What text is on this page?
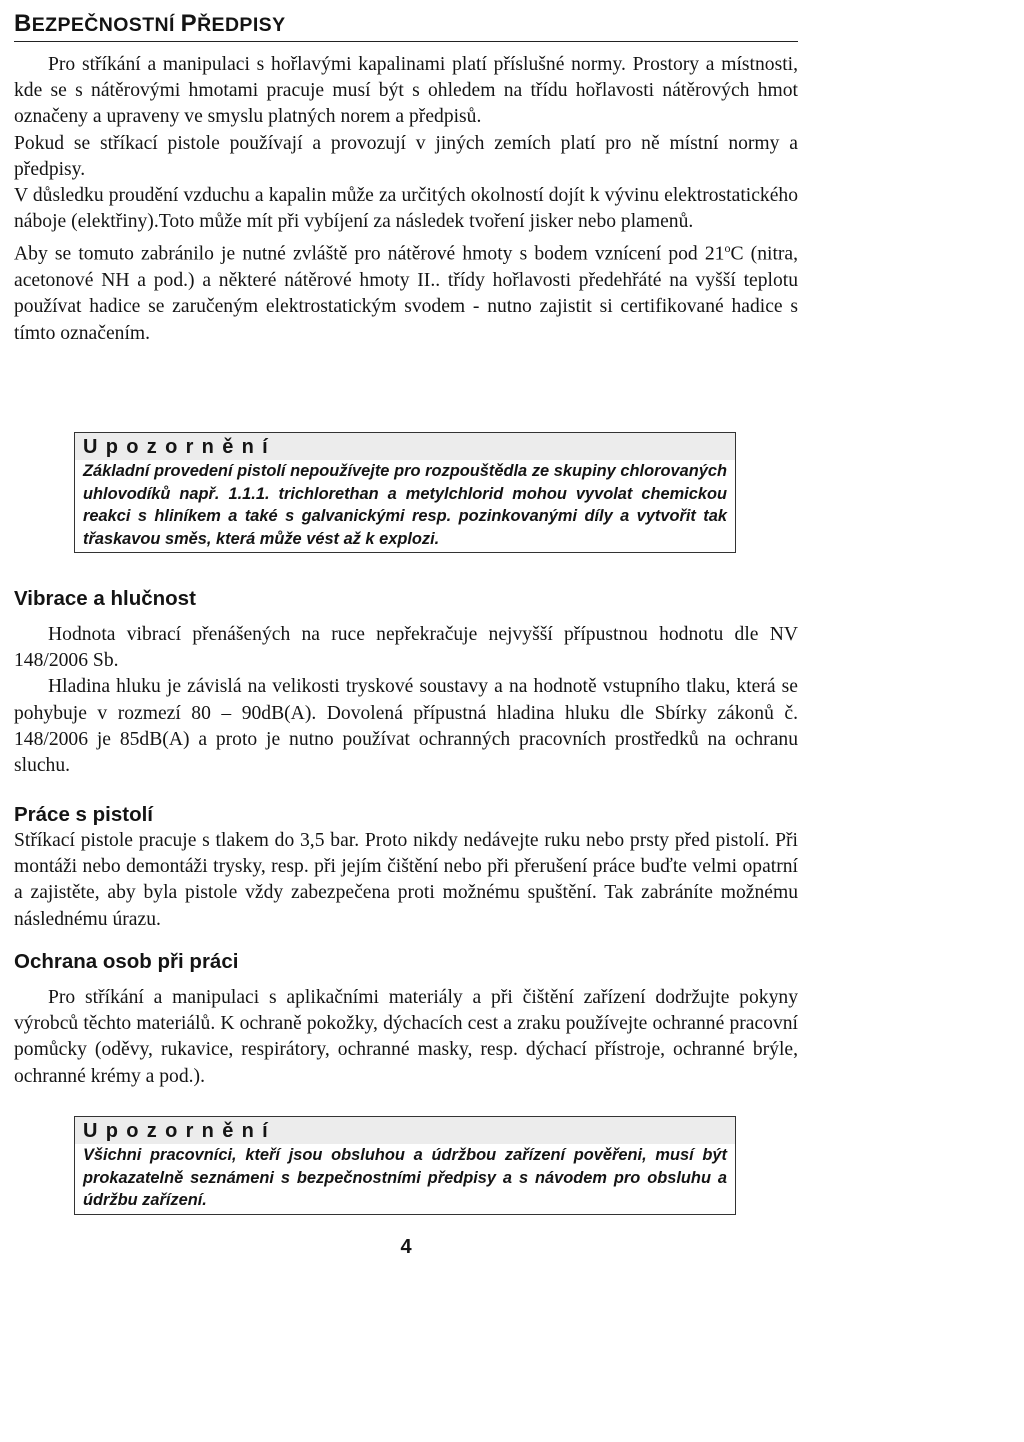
BEZPEČNOSTNÍ PŘEDPISY

Pro stříkání a manipulaci s hořlavými kapalinami platí příslušné normy. Prostory a místnosti, kde se s nátěrovými hmotami pracuje musí být s ohledem na třídu hořlavosti nátěrových hmot označeny a upraveny ve smyslu platných norem a předpisů.

Pokud se stříkací pistole používají a provozují v jiných zemích platí pro ně místní normy a předpisy.

V důsledku proudění vzduchu a kapalin může za určitých okolností dojít k vývinu elektrostatického náboje (elektřiny).Toto může mít při vybíjení za následek tvoření jisker nebo plamenů.

Aby se tomuto zabránilo je nutné zvláště pro nátěrové hmoty s bodem vznícení pod 21$^o$C (nitra, acetonové NH a pod.) a některé nátěrové hmoty II.. třídy hořlavosti předehřáté na vyšší teplotu používat hadice se zaručeným elektrostatickým svodem - nutno zajistit si certifikované hadice s tímto označením.

Upozornění
Základní provedení pistolí nepoužívejte pro rozpouštědla ze skupiny chlorovaných uhlovodíků např. 1.1.1. trichlorethan a metylchlorid mohou vyvolat chemickou reakci s hliníkem a také s galvanickými resp. pozinkovanými díly a vytvořit tak třaskavou směs, která může vést až k explozi.
Vibrace a hlučnost

Hodnota vibrací přenášených na ruce nepřekračuje nejvyšší přípustnou hodnotu dle NV 148/2006 Sb.

Hladina hluku je závislá na velikosti tryskové soustavy a na hodnotě vstupního tlaku, která se pohybuje v rozmezí 80 – 90dB(A). Dovolená přípustná hladina hluku dle Sbírky zákonů č. 148/2006 je 85dB(A) a proto je nutno používat ochranných pracovních prostředků na ochranu sluchu.

Práce s pistolí

Stříkací pistole pracuje s tlakem do 3,5 bar. Proto nikdy nedávejte ruku nebo prsty před pistolí. Při montáži nebo demontáži trysky, resp. při jejím čištění nebo při přerušení práce buďte velmi opatrní a zajistěte, aby byla pistole vždy zabezpečena proti možnému spuštění. Tak zabráníte možnému následnému úrazu.

Ochrana osob při práci

Pro stříkání a manipulaci s aplikačními materiály a při čištění zařízení dodržujte pokyny výrobců těchto materiálů. K ochraně pokožky, dýchacích cest a zraku používejte ochranné pracovní pomůcky (oděvy, rukavice, respirátory, ochranné masky, resp. dýchací přístroje, ochranné brýle, ochranné krémy a pod.).

Upozornění
Všichni pracovníci, kteří jsou obsluhou a údržbou zařízení pověřeni, musí být prokazatelně seznámeni s bezpečnostními předpisy a s návodem pro obsluhu a údržbu zařízení.
4
